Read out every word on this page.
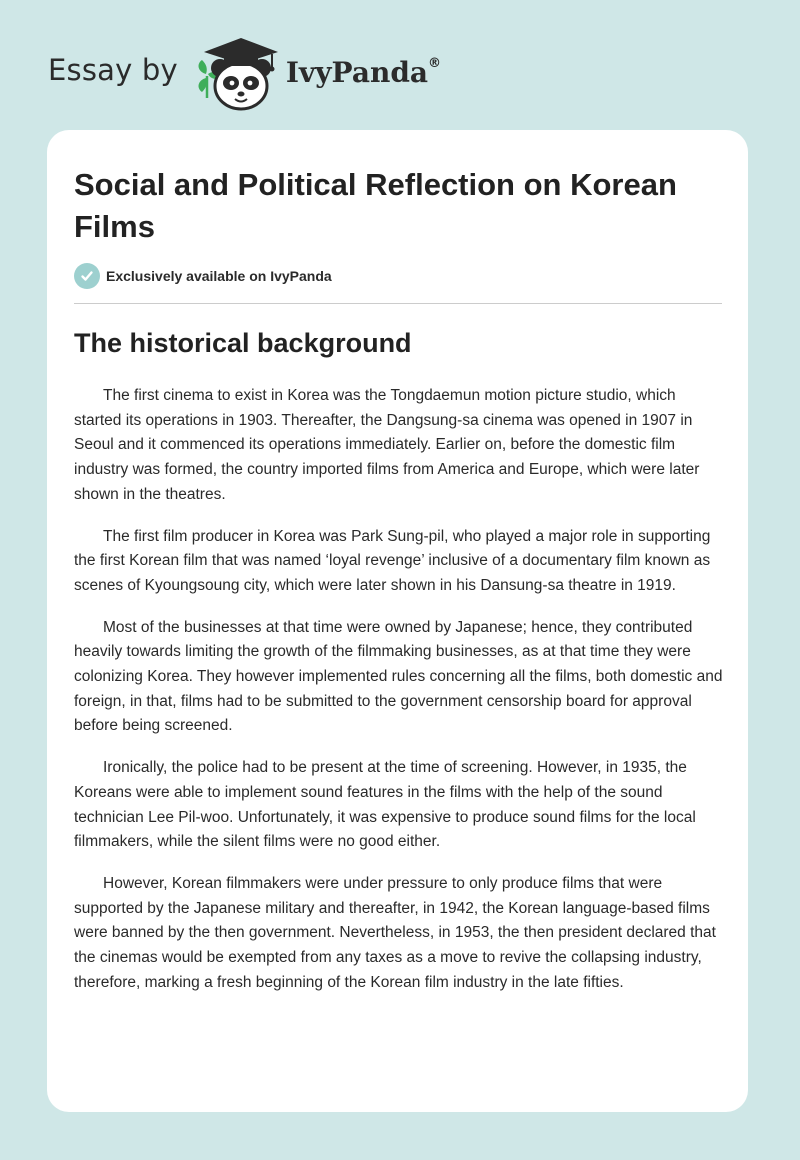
Essay by	IvyPanda®
Social and Political Reflection on Korean Films
Exclusively available on IvyPanda
The historical background

The first cinema to exist in Korea was the Tongdaemun motion picture studio, which started its operations in 1903. Thereafter, the Dangsung-sa cinema was opened in 1907 in Seoul and it commenced its operations immediately. Earlier on, before the domestic film industry was formed, the country imported films from America and Europe, which were later shown in the theatres.

The first film producer in Korea was Park Sung-pil, who played a major role in supporting the first Korean film that was named ‘loyal revenge’ inclusive of a documentary film known as scenes of Kyoungsoung city, which were later shown in his Dansung-sa theatre in 1919.

Most of the businesses at that time were owned by Japanese; hence, they contributed heavily towards limiting the growth of the filmmaking businesses, as at that time they were colonizing Korea. They however implemented rules concerning all the films, both domestic and foreign, in that, films had to be submitted to the government censorship board for approval before being screened.

Ironically, the police had to be present at the time of screening. However, in 1935, the Koreans were able to implement sound features in the films with the help of the sound technician Lee Pil-woo. Unfortunately, it was expensive to produce sound films for the local filmmakers, while the silent films were no good either.

However, Korean filmmakers were under pressure to only produce films that were supported by the Japanese military and thereafter, in 1942, the Korean language-based films were banned by the then government. Nevertheless, in 1953, the then president declared that the cinemas would be exempted from any taxes as a move to revive the collapsing industry, therefore, marking a fresh beginning of the Korean film industry in the late fifties.
